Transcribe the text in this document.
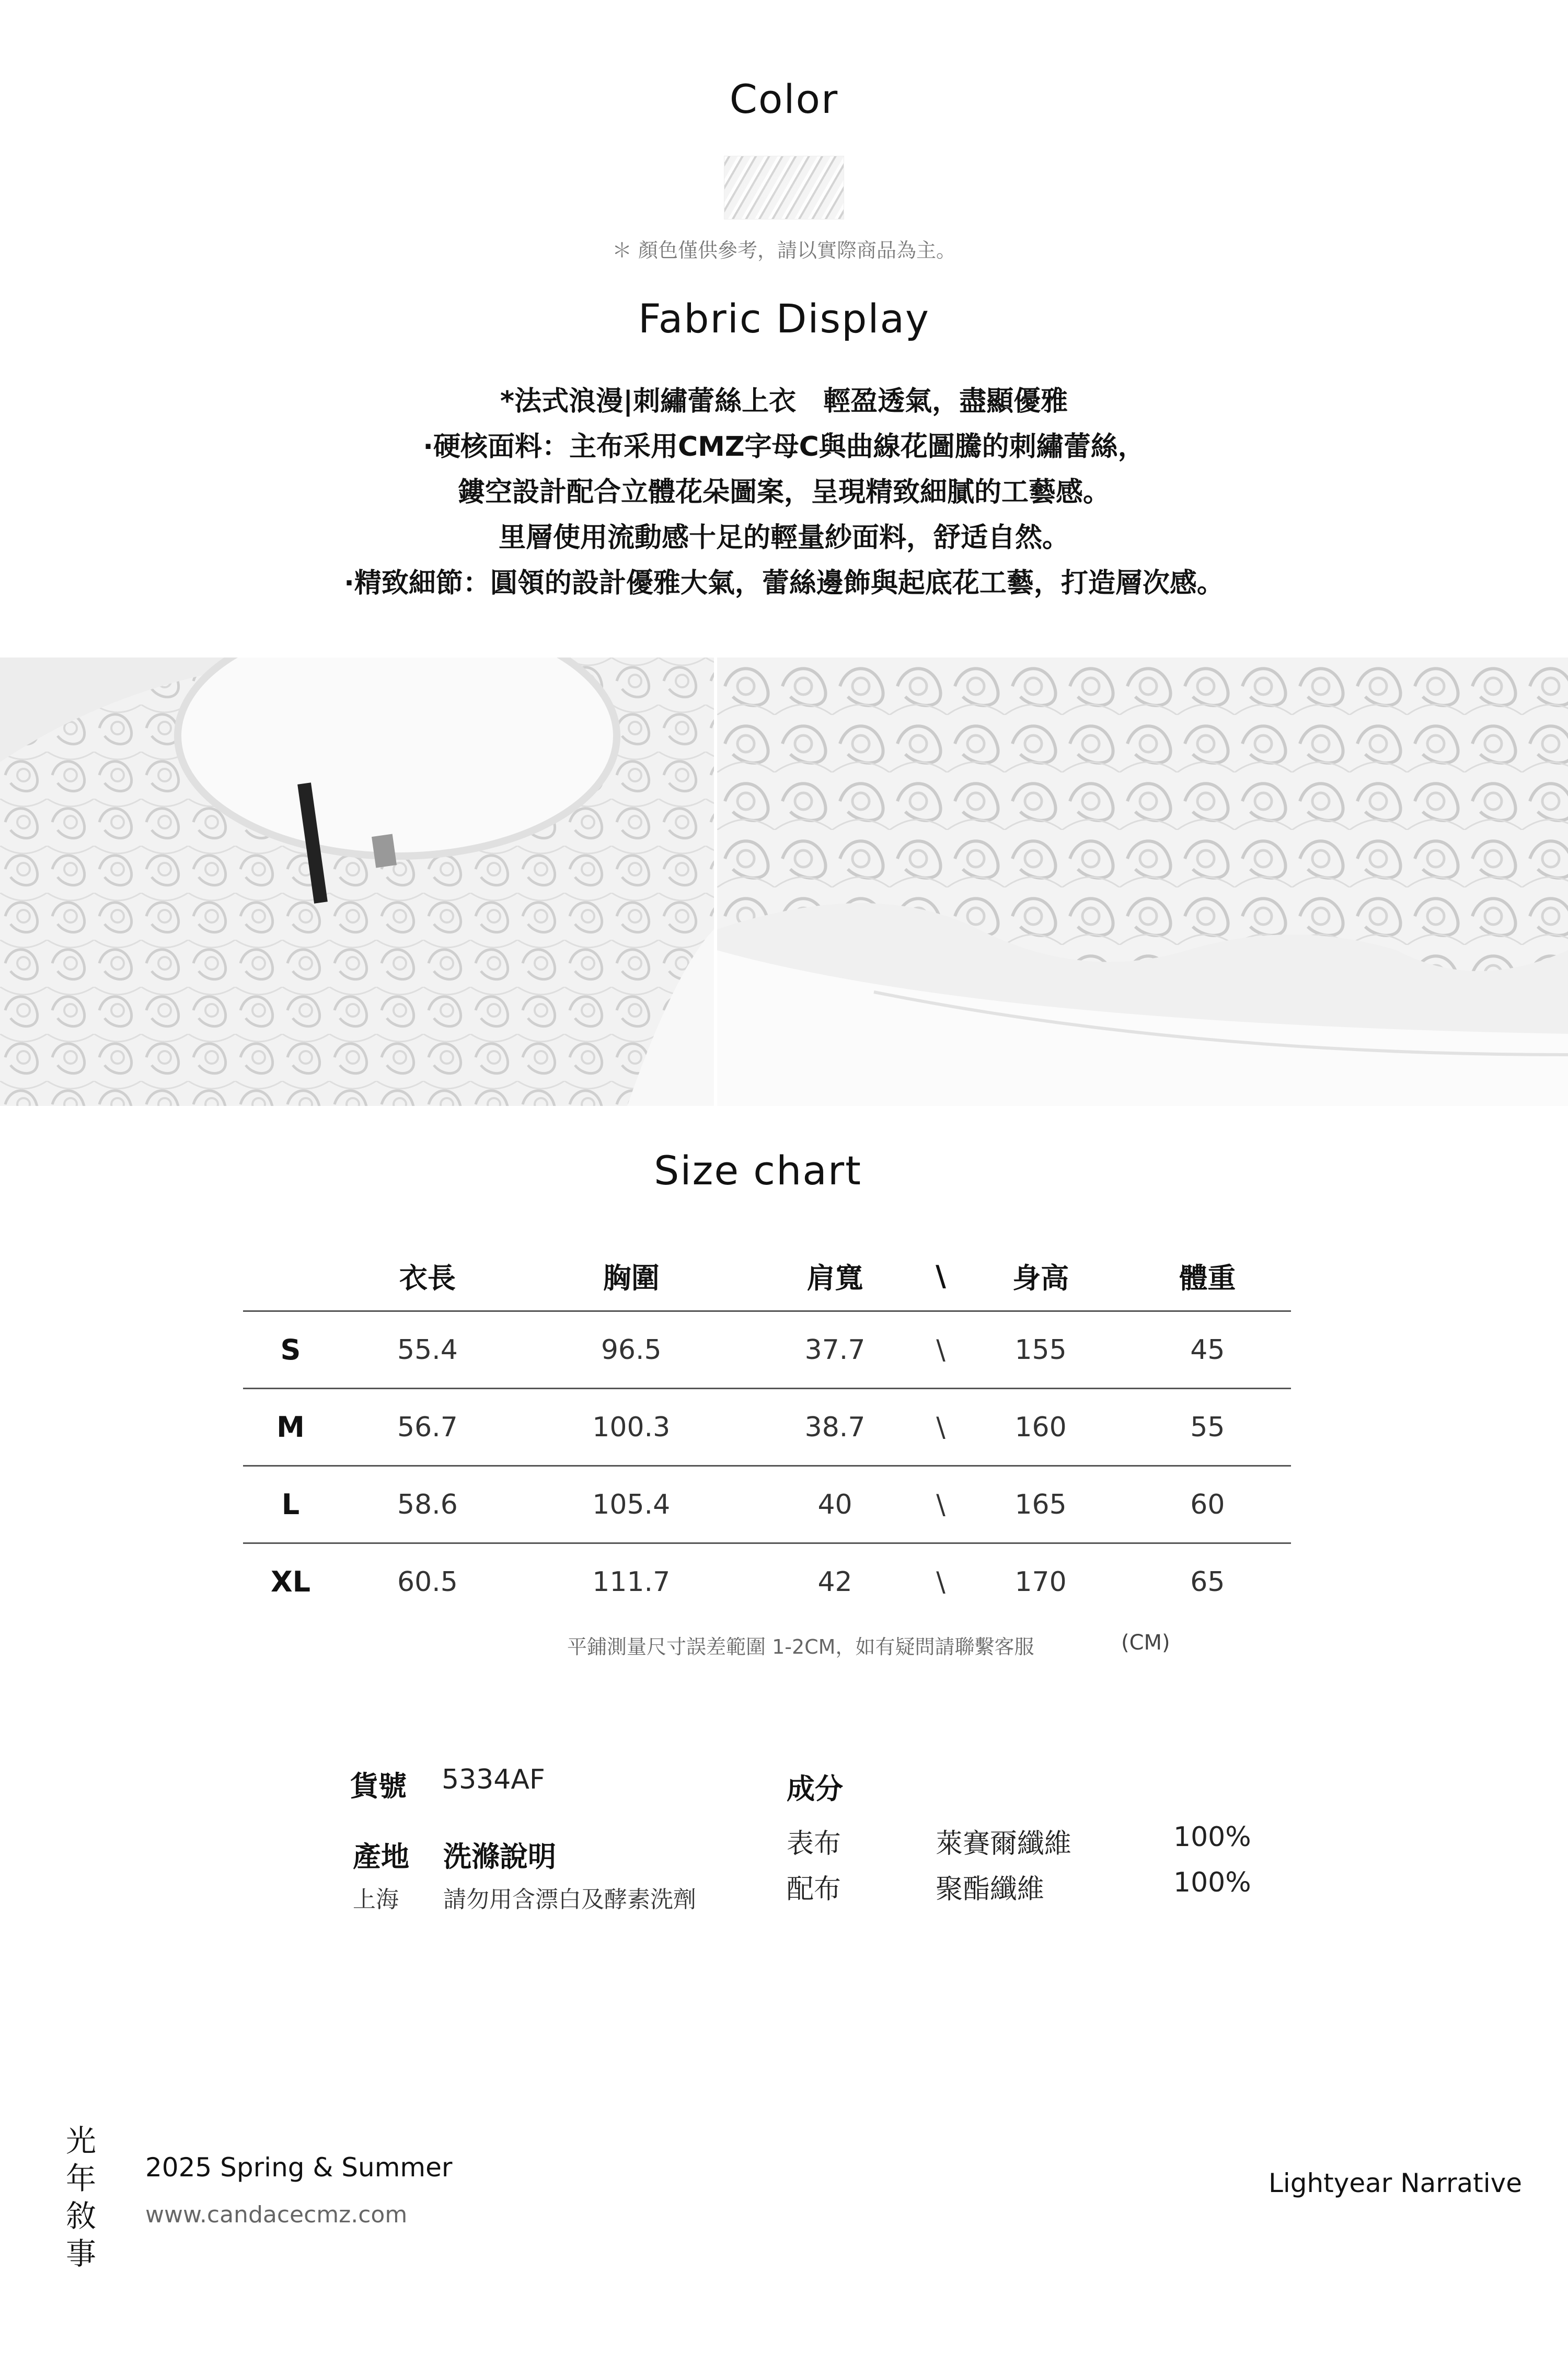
Color
＊ 顏色僅供參考，請以實際商品為主。
Fabric Display
*法式浪漫|刺繡蕾絲上衣　輕盈透氣，盡顯優雅
·硬核面料：主布采用CMZ字母C與曲線花圖騰的刺繡蕾絲，
鏤空設計配合立體花朵圖案，呈現精致細膩的工藝感。
里層使用流動感十足的輕量紗面料，舒适自然。
·精致細節：圓領的設計優雅大氣，蕾絲邊飾與起底花工藝，打造層次感。
Size chart
	衣長	胸圍	肩寬	\	身高	體重
S	55.4	96.5	37.7	\	155	45
M	56.7	100.3	38.7	\	160	55
L	58.6	105.4	40	\	165	60
XL	60.5	111.7	42	\	170	65
平鋪測量尺寸誤差範圍 1-2CM，如有疑問請聯繫客服	(CM)
貨號 5334AF
產地 洗滌說明
上海 請勿用含漂白及酵素洗劑
成分
表布	萊賽爾纖維	100%
配布	聚酯纖維	100%
光
年
敘
事
2025 Spring & Summer
www.candacecmz.com
Lightyear Narrative
